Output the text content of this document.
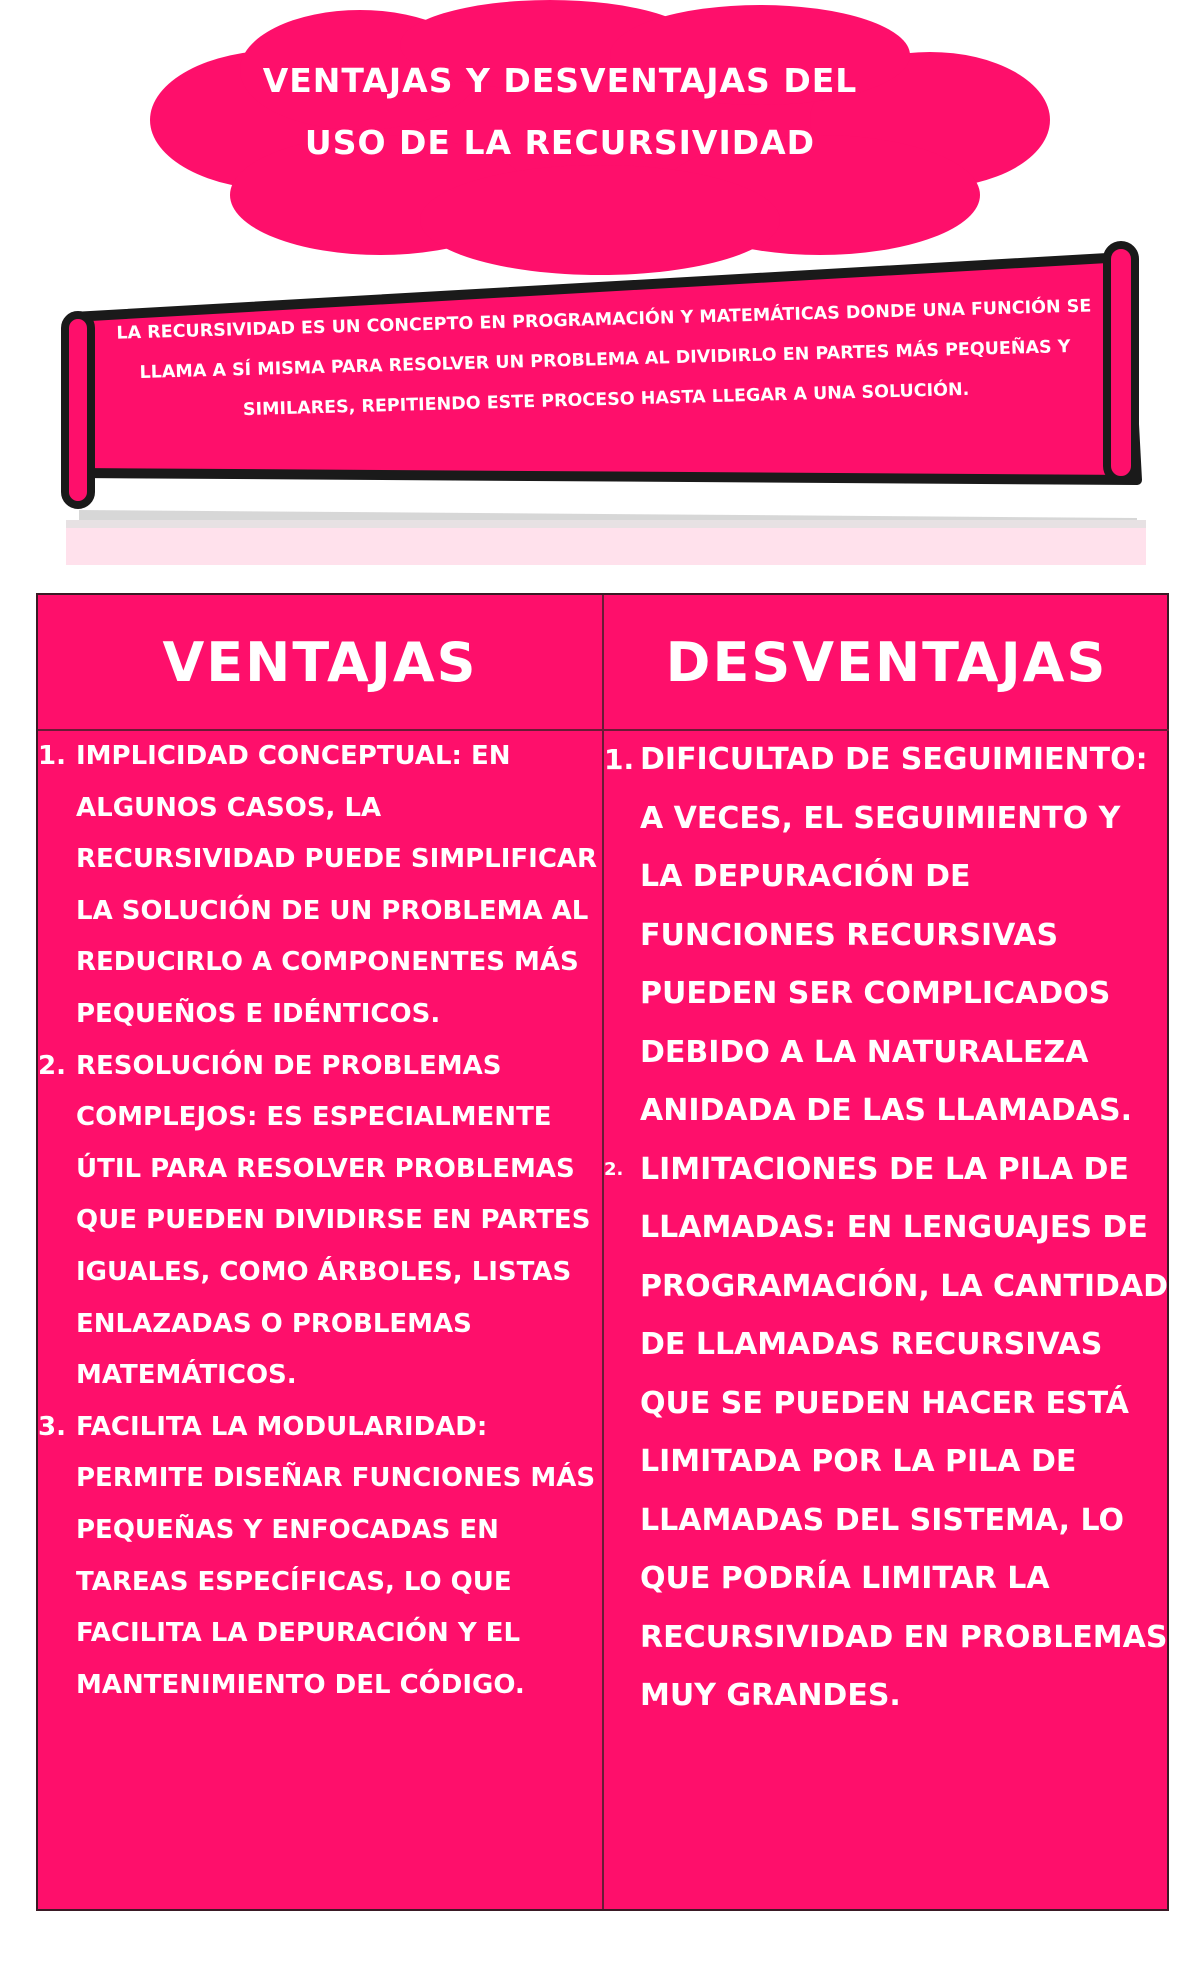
VENTAJAS Y DESVENTAJAS DEL
USO DE LA RECURSIVIDAD
LA RECURSIVIDAD ES UN CONCEPTO EN PROGRAMACIÓN Y MATEMÁTICAS DONDE UNA FUNCIÓN SE LLAMA A SÍ MISMA PARA RESOLVER UN PROBLEMA AL DIVIDIRLO EN PARTES MÁS PEQUEÑAS Y SIMILARES, REPITIENDO ESTE PROCESO HASTA LLEGAR A UNA SOLUCIÓN.
VENTAJAS	DESVENTAJAS
1. IMPLICIDAD CONCEPTUAL: EN ALGUNOS CASOS, LA RECURSIVIDAD PUEDE SIMPLIFICAR LA SOLUCIÓN DE UN PROBLEMA AL REDUCIRLO A COMPONENTES MÁS PEQUEÑOS E IDÉNTICOS.
2. RESOLUCIÓN DE PROBLEMAS COMPLEJOS: ES ESPECIALMENTE ÚTIL PARA RESOLVER PROBLEMAS QUE PUEDEN DIVIDIRSE EN PARTES IGUALES, COMO ÁRBOLES, LISTAS ENLAZADAS O PROBLEMAS MATEMÁTICOS.
3. FACILITA LA MODULARIDAD: PERMITE DISEÑAR FUNCIONES MÁS PEQUEÑAS Y ENFOCADAS EN TAREAS ESPECÍFICAS, LO QUE FACILITA LA DEPURACIÓN Y EL MANTENIMIENTO DEL CÓDIGO.
1. DIFICULTAD DE SEGUIMIENTO: A VECES, EL SEGUIMIENTO Y LA DEPURACIÓN DE FUNCIONES RECURSIVAS PUEDEN SER COMPLICADOS DEBIDO A LA NATURALEZA ANIDADA DE LAS LLAMADAS.
2. LIMITACIONES DE LA PILA DE LLAMADAS: EN LENGUAJES DE PROGRAMACIÓN, LA CANTIDAD DE LLAMADAS RECURSIVAS QUE SE PUEDEN HACER ESTÁ LIMITADA POR LA PILA DE LLAMADAS DEL SISTEMA, LO QUE PODRÍA LIMITAR LA RECURSIVIDAD EN PROBLEMAS MUY GRANDES.
